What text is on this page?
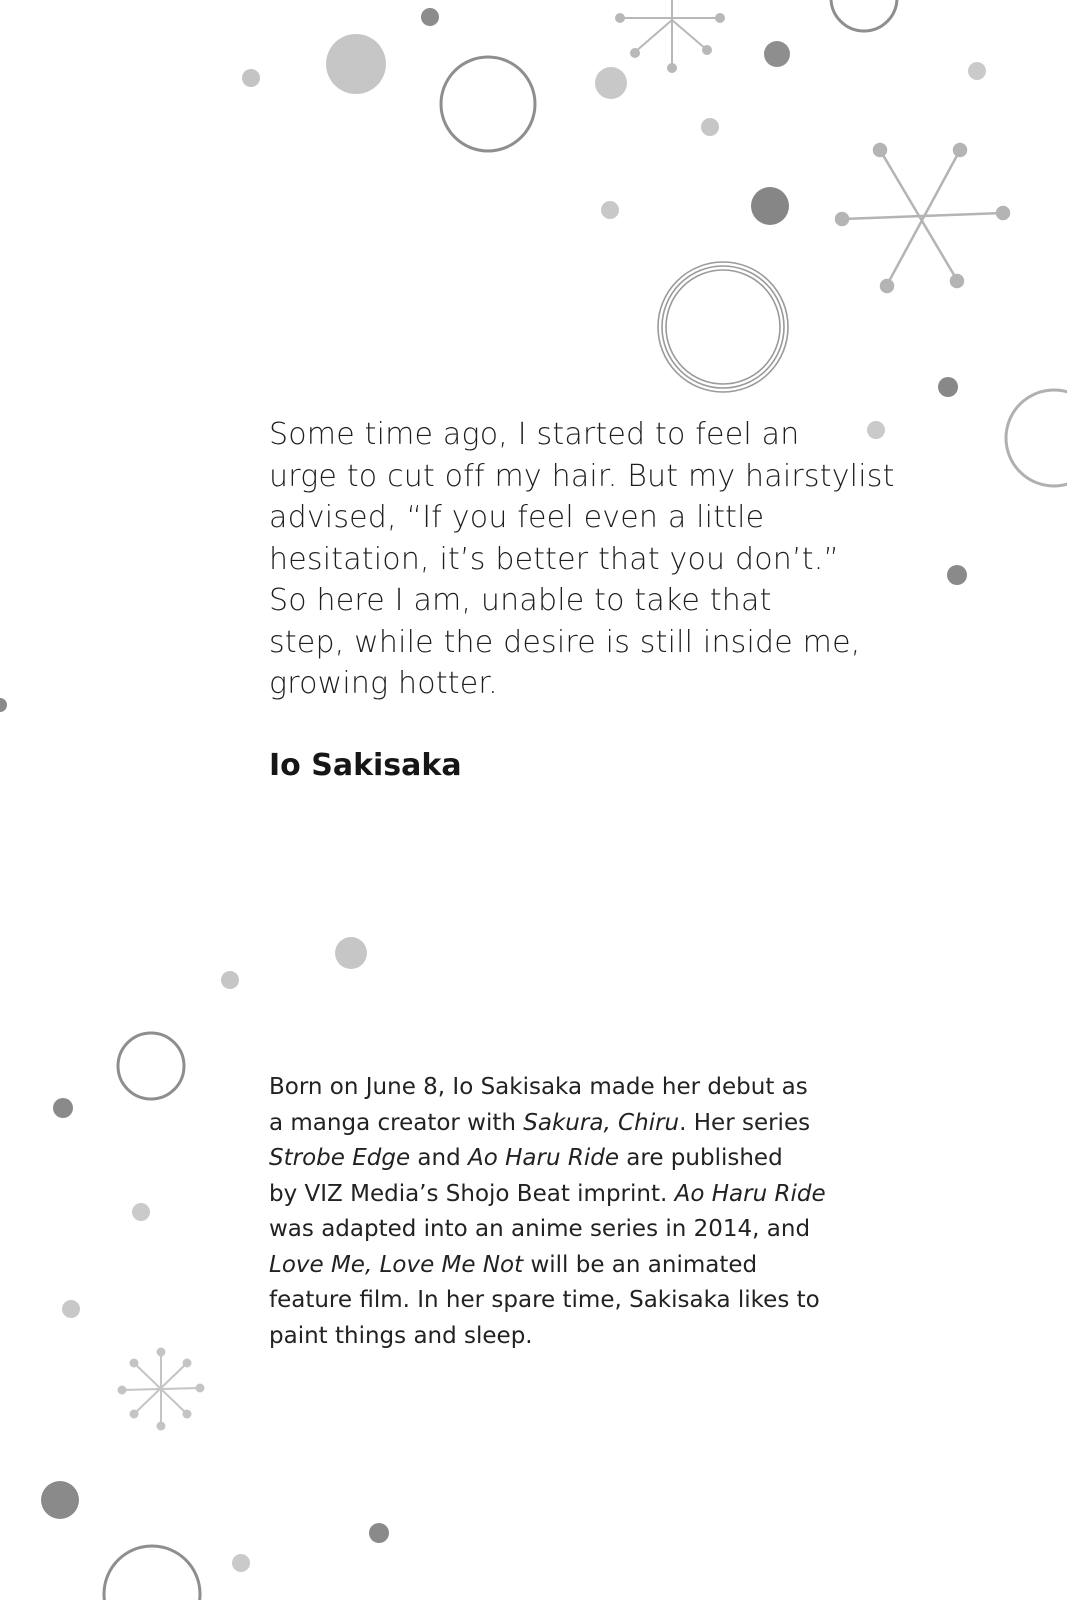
Some time ago, I started to feel an

urge to cut off my hair. But my hairstylist

advised, “If you feel even a little

hesitation, it’s better that you don’t.”

So here I am, unable to take that

step, while the desire is still inside me,

growing hotter.

Io Sakisaka

Born on June 8, Io Sakisaka made her debut as

a manga creator with Sakura, Chiru. Her series

Strobe Edge and Ao Haru Ride are published

by VIZ Media’s Shojo Beat imprint. Ao Haru Ride

was adapted into an anime series in 2014, and

Love Me, Love Me Not will be an animated

feature film. In her spare time, Sakisaka likes to

paint things and sleep.
